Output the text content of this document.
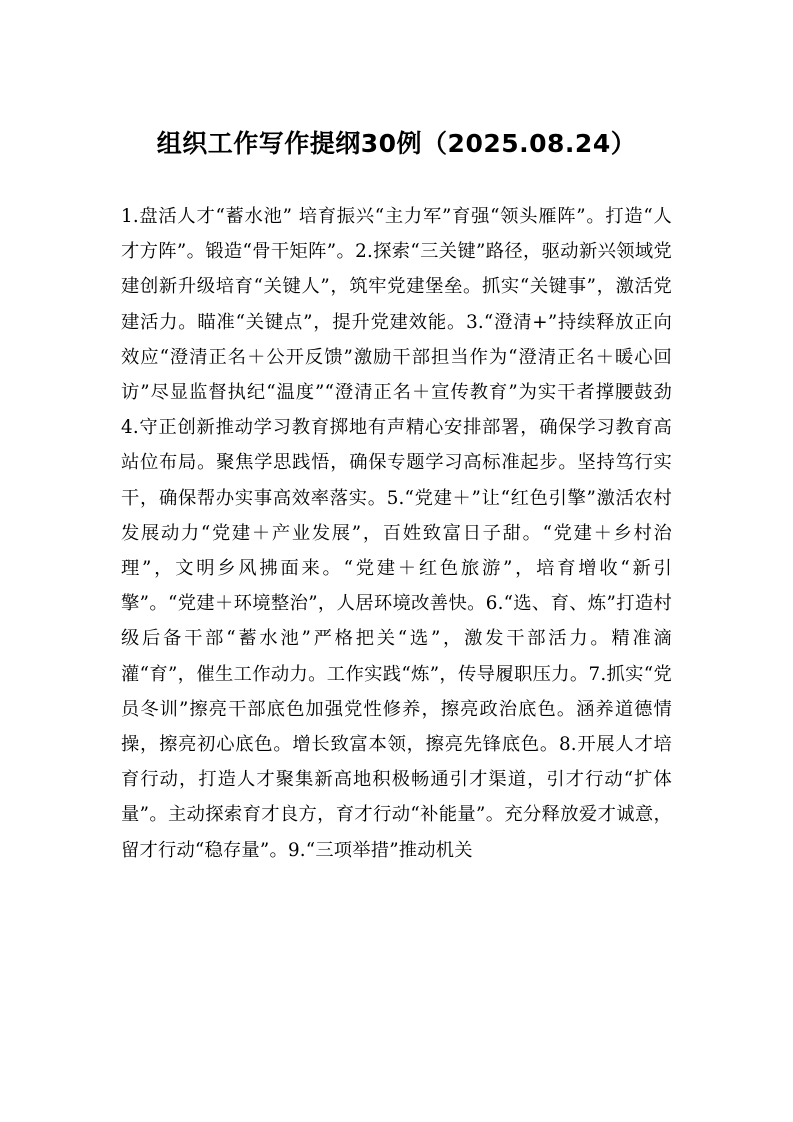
组织工作写作提纲30例（2025.08.24）

1.盘活人才“蓄水池” 培育振兴“主力军”育强“领头雁阵”。打造“人才方阵”。锻造“骨干矩阵”。2.探索“三关键”路径，驱动新兴领域党建创新升级培育“关键人”，筑牢党建堡垒。抓实“关键事”，激活党建活力。瞄准“关键点”，提升党建效能。3.“澄清+”持续释放正向效应“澄清正名＋公开反馈”激励干部担当作为“澄清正名＋暖心回访”尽显监督执纪“温度”“澄清正名＋宣传教育”为实干者撑腰鼓劲 4.守正创新推动学习教育掷地有声精心安排部署，确保学习教育高站位布局。聚焦学思践悟，确保专题学习高标准起步。坚持笃行实干，确保帮办实事高效率落实。5.“党建＋”让“红色引擎”激活农村发展动力“党建＋产业发展”，百姓致富日子甜。“党建＋乡村治理”，文明乡风拂面来。“党建＋红色旅游”，培育增收“新引擎”。“党建＋环境整治”，人居环境改善快。6.“选、育、炼”打造村级后备干部“蓄水池”严格把关“选”，激发干部活力。精准滴灌“育”，催生工作动力。工作实践“炼”，传导履职压力。7.抓实“党员冬训”擦亮干部底色加强党性修养，擦亮政治底色。涵养道德情操，擦亮初心底色。增长致富本领，擦亮先锋底色。8.开展人才培育行动，打造人才聚集新高地积极畅通引才渠道，引才行动“扩体量”。主动探索育才良方，育才行动“补能量”。充分释放爱才诚意，留才行动“稳存量”。9.“三项举措”推动机关
